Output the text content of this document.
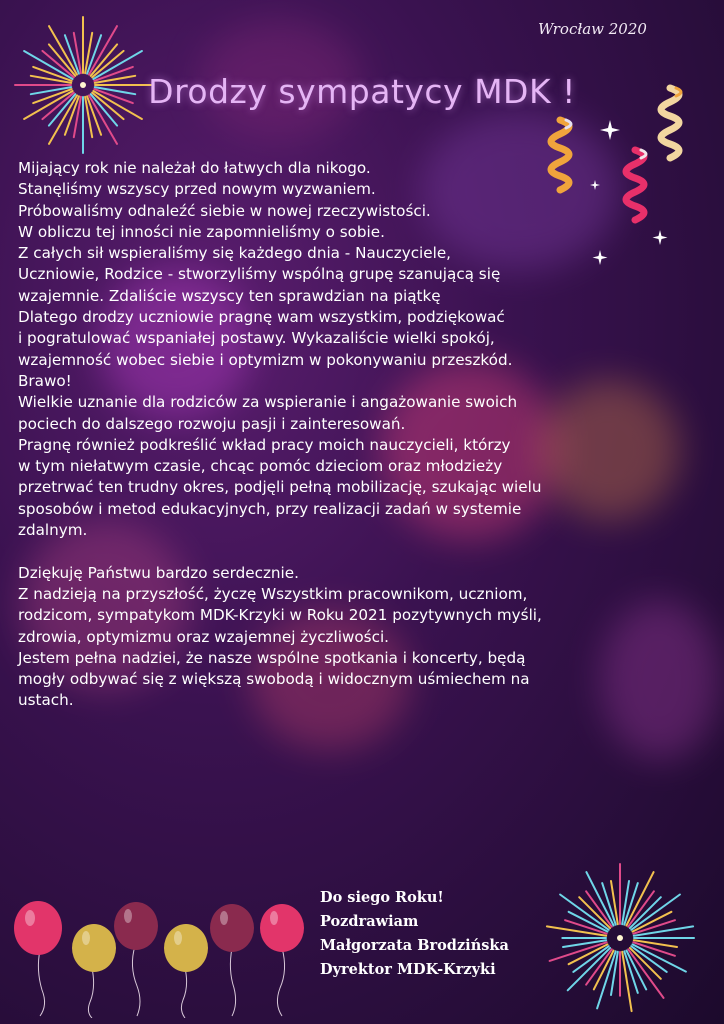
Wrocław 2020
Drodzy sympatycy MDK !
Mijający rok nie należał do łatwych dla nikogo.
Stanęliśmy wszyscy przed nowym wyzwaniem.
Próbowaliśmy odnaleźć siebie w nowej rzeczywistości.
W obliczu tej inności nie zapomnieliśmy o sobie.
Z całych sił wspieraliśmy się każdego dnia - Nauczyciele,
Uczniowie, Rodzice - stworzyliśmy wspólną grupę szanującą się
wzajemnie. Zdaliście wszyscy ten sprawdzian na piątkę
Dlatego drodzy uczniowie pragnę wam wszystkim, podziękować
i pogratulować wspaniałej postawy. Wykazaliście wielki spokój,
wzajemność wobec siebie i optymizm w pokonywaniu przeszkód.
Brawo!
Wielkie uznanie dla rodziców za wspieranie i angażowanie swoich
pociech do dalszego rozwoju pasji i zainteresowań.
Pragnę również podkreślić wkład pracy moich nauczycieli, którzy
w tym niełatwym czasie, chcąc pomóc dzieciom oraz młodzieży
przetrwać ten trudny okres, podjęli pełną mobilizację, szukając wielu
sposobów i metod edukacyjnych, przy realizacji zadań w systemie
zdalnym.
Dziękuję Państwu bardzo serdecznie.
Z nadzieją na przyszłość, życzę Wszystkim pracownikom, uczniom,
rodzicom, sympatykom MDK-Krzyki w Roku 2021 pozytywnych myśli,
zdrowia, optymizmu oraz wzajemnej życzliwości.
Jestem pełna nadziei, że nasze wspólne spotkania i koncerty, będą
mogły odbywać się z większą swobodą i widocznym uśmiechem na
ustach.
Do siego Roku!
Pozdrawiam
Małgorzata Brodzińska
Dyrektor MDK-Krzyki
